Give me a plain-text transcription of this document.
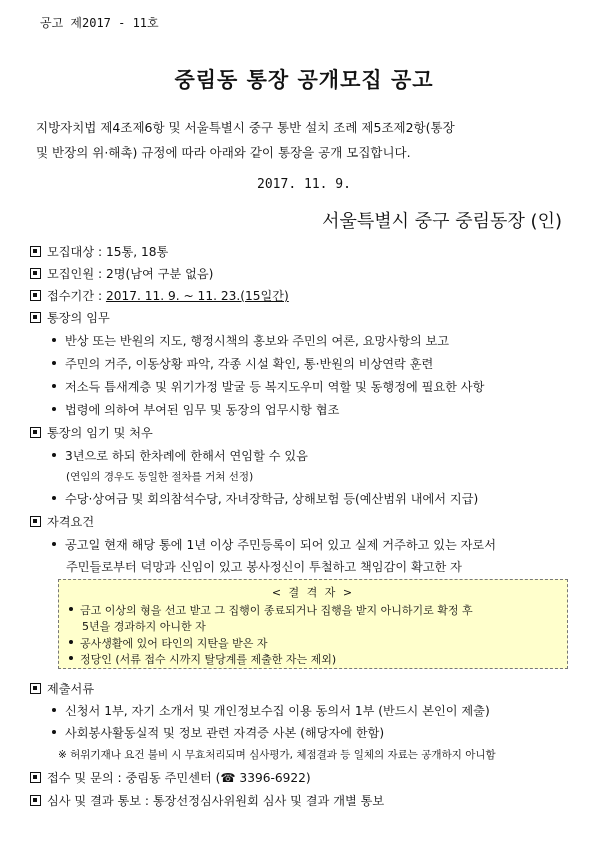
공고 제2017 - 11호
중림동 통장 공개모집 공고

지방자치법 제4조제6항 및 서울특별시 중구 통반 설치 조례 제5조제2항(통장

및 반장의 위·해촉) 규정에 따라 아래와 같이 통장을 공개 모집합니다.

2017. 11. 9.
서울특별시 중구 중림동장 (인)
모집대상 : 15통, 18통
모집인원 : 2명(남여 구분 없음)
접수기간 : 2017. 11. 9. ~ 11. 23.(15일간)
통장의 임무
반상 또는 반원의 지도, 행정시책의 홍보와 주민의 여론, 요망사항의 보고
주민의 거주, 이동상황 파악, 각종 시설 확인, 통·반원의 비상연락 훈련
저소득 틈새계층 및 위기가정 발굴 등 복지도우미 역할 및 동행정에 필요한 사항
법령에 의하여 부여된 임무 및 동장의 업무시항 협조
통장의 임기 및 처우
3년으로 하되 한차례에 한해서 연임할 수 있음
(연임의 경우도 동일한 절차를 거쳐 선정)
수당·상여금 및 회의참석수당, 자녀장학금, 상해보험 등(예산범위 내에서 지급)
자격요건
공고일 현재 해당 통에 1년 이상 주민등록이 되어 있고 실제 거주하고 있는 자로서
주민들로부터 덕망과 신임이 있고 봉사정신이 투철하고 책임감이 확고한 자
< 결 격 자 >
금고 이상의 형을 선고 받고 그 집행이 종료되거나 집행을 받지 아니하기로 확정 후
5년을 경과하지 아니한 자
공사생활에 있어 타인의 지탄을 받은 자
정당인 (서류 접수 시까지 탈당계를 제출한 자는 제외)
제출서류
신청서 1부, 자기 소개서 및 개인정보수집 이용 동의서 1부 (반드시 본인이 제출)
사회봉사활동실적 및 정보 관련 자격증 사본 (해당자에 한함)
※ 허위기재나 요건 불비 시 무효처리되며 심사평가, 체점결과 등 일체의 자료는 공개하지 아니함
접수 및 문의 : 중림동 주민센터 (☎ 3396-6922)
심사 및 결과 통보 : 통장선정심사위원회 심사 및 결과 개별 통보
